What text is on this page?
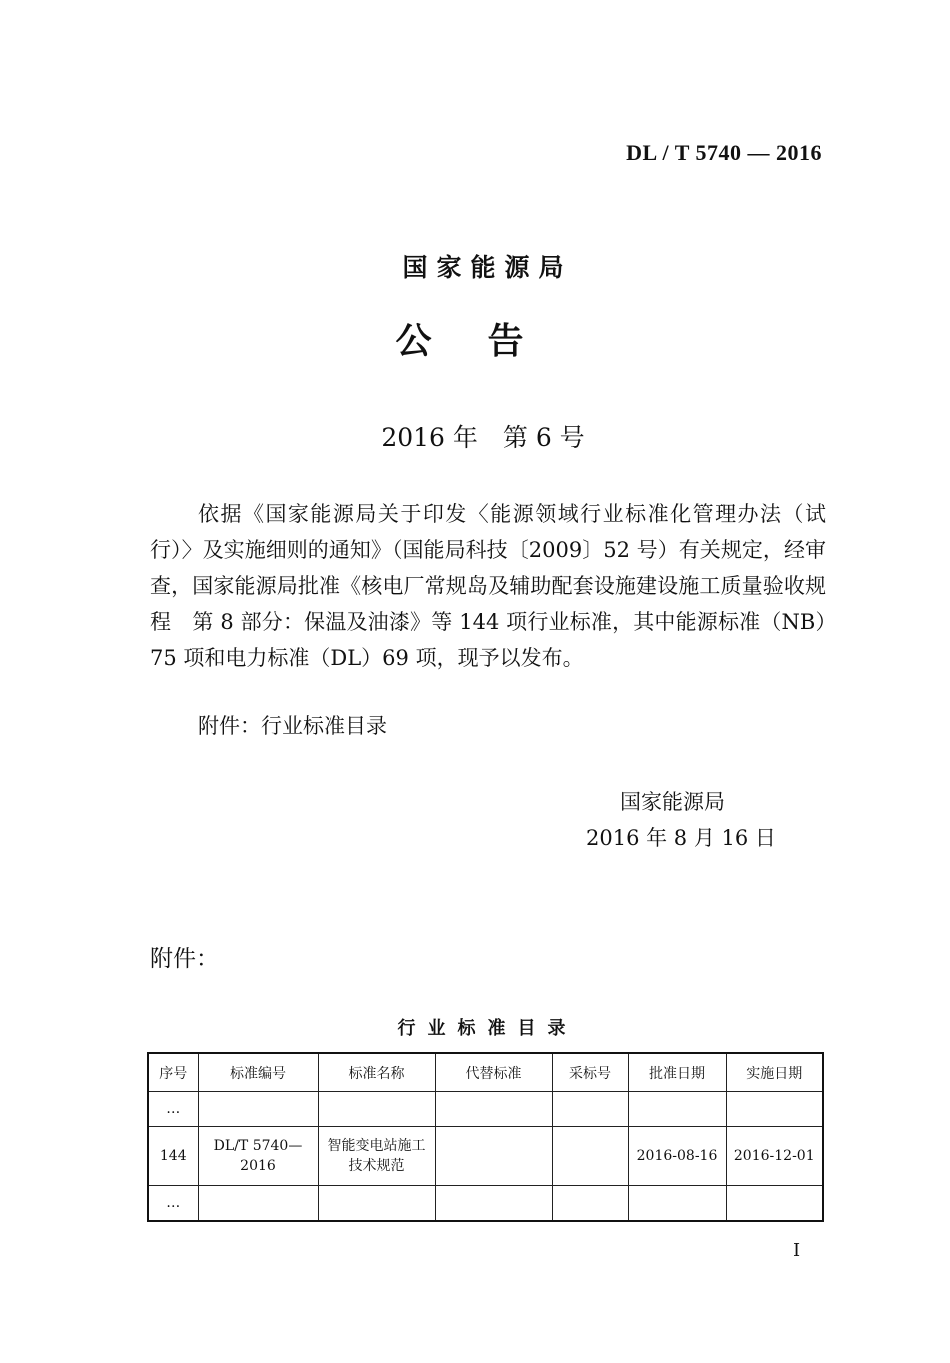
DL / T 5740 — 2016
国家能源局
公告
2016 年　第 6 号
依据《国家能源局关于印发〈能源领域行业标准化管理办法（试行）〉及实施细则的通知》（国能局科技〔2009〕52 号）有关规定，经审查，国家能源局批准《核电厂常规岛及辅助配套设施建设施工质量验收规程　第 8 部分：保温及油漆》等 144 项行业标准，其中能源标准（NB）75 项和电力标准（DL）69 项，现予以发布。
附件：行业标准目录
国家能源局
2016 年 8 月 16 日
附件：
行业标准目录
序号	标准编号	标准名称	代替标准	采标号	批准日期	实施日期
…						
144	DL/T 5740—2016	智能变电站施工技术规范			2016-08-16	2016-12-01
…						
I
